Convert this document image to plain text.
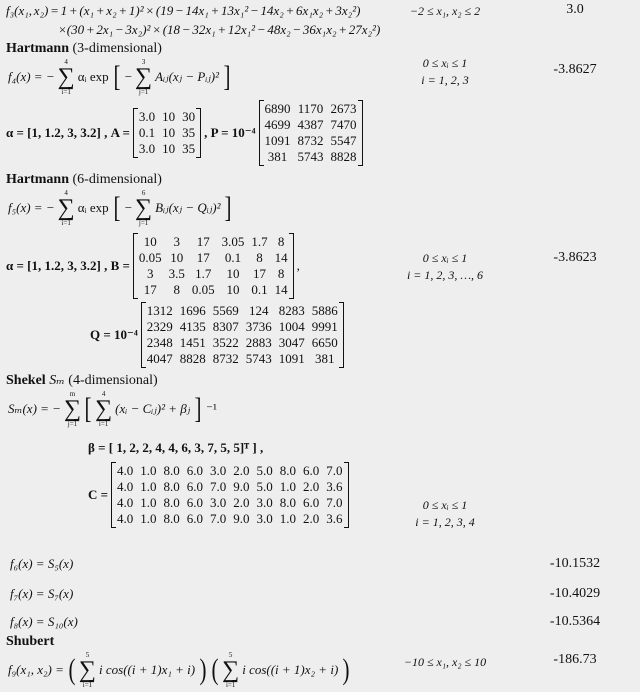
f₃(x₁, x₂) = 1 + (x₁ + x₂ + 1)² × (19 − 14x₁ + 13x₁² − 14x₂ + 6x₁x₂ + 3x₂²)
×(30 + 2x₁ − 3x₂)² × (18 − 32x₁ + 12x₁² − 48x₂ − 36x₁x₂ + 27x₂²)
−2 ≤ x₁, x₂ ≤ 2	3.0
Hartmann (3-dimensional)
f₄(x) = −
4
∑
i=1
αᵢ exp [ −
3
∑
j=1
Aᵢⱼ(xⱼ − Pᵢⱼ)² ]
α = [1, 1.2, 3, 3.2] , A =
3.0 10 30
0.1 10 35
3.0 10 35
, P = 10⁻⁴
6890 1170 2673
4699 4387 7470
1091 8732 5547
381 5743 8828
0 ≤ xᵢ ≤ 1
i = 1, 2, 3
-3.8627
Hartmann (6-dimensional)
f₅(x) = −
4
∑
i=1
αᵢ exp [ −
6
∑
j=1
Bᵢⱼ(xⱼ − Qᵢⱼ)² ]
α = [1, 1.2, 3, 3.2] , B =
10	3	17 3.05 1.7 8
0.05 10	17	0.1	8 14
3	3.5 1.7	10	17 8
17	8 0.05 10 0.1 14
,
Q = 10⁻⁴
1312 1696 5569 124 8283 5886
2329 4135 8307 3736 1004 9991
2348 1451 3522 2883 3047 6650
4047 8828 8732 5743 1091 381
0 ≤ xᵢ ≤ 1
i = 1, 2, 3, …, 6
-3.8623
Shekel Sₘ (4-dimensional)
Sₘ(x) = −
m
∑
j=1 [ 4
∑
i=1
(xᵢ − Cᵢⱼ)² + βⱼ ] ⁻¹
β = [ 1, 2, 2, 4, 4, 6, 3, 7, 5, 5]ᵀ ] ,
C =
4.0 1.0 8.0 6.0 3.0 2.0 5.0 8.0 6.0 7.0
4.0 1.0 8.0 6.0 7.0 9.0 5.0 1.0 2.0 3.6
4.0 1.0 8.0 6.0 3.0 2.0 3.0 8.0 6.0 7.0
4.0 1.0 8.0 6.0 7.0 9.0 3.0 1.0 2.0 3.6
0 ≤ xᵢ ≤ 1
i = 1, 2, 3, 4
f₆(x) = S₅(x)	-10.1532
f₇(x) = S₇(x)	-10.4029
f₈(x) = S₁₀(x)	-10.5364
Shubert
f₉(x₁, x₂) = ( 5
∑
i=1
i cos((i + 1)x₁ + i) ) ( 5
∑
i=1
i cos((i + 1)x₂ + i) )	−10 ≤ x₁, x₂ ≤ 10	-186.73
